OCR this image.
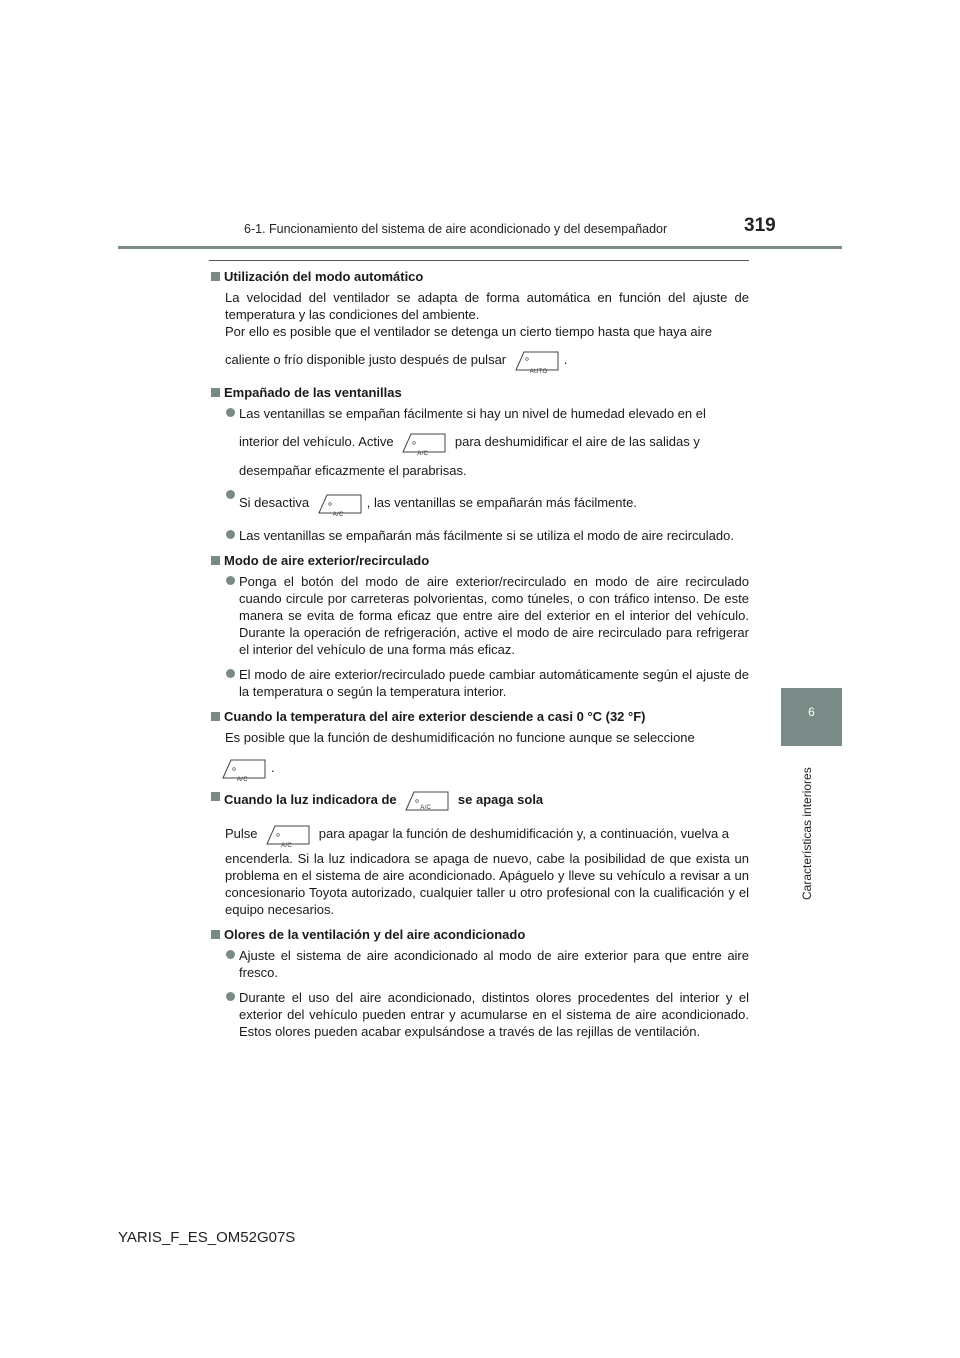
6-1. Funcionamiento del sistema de aire acondicionado y del desempañador	319
6
Características interiores
Utilización del modo automático

La velocidad del ventilador se adapta de forma automática en función del ajuste de temperatura y las condiciones del ambiente.
Por ello es posible que el ventilador se detenga un cierto tiempo hasta que haya aire

caliente o frío disponible justo después de pulsar
AUTO
.

Empañado de las ventanillas
Las ventanillas se empañan fácilmente si hay un nivel de humedad elevado en el

interior del vehículo. Active
A/C
para deshumidificar el aire de las salidas y
desempañar eficazmente el parabrisas.
Si desactiva
A/C
, las ventanillas se empañarán más fácilmente.
Las ventanillas se empañarán más fácilmente si se utiliza el modo de aire recirculado.
Modo de aire exterior/recirculado
Ponga el botón del modo de aire exterior/recirculado en modo de aire recirculado cuando circule por carreteras polvorientas, como túneles, o con tráfico intenso. De este manera se evita de forma eficaz que entre aire del exterior en el interior del vehículo. Durante la operación de refrigeración, active el modo de aire recirculado para refrigerar el interior del vehículo de una forma más eficaz.
El modo de aire exterior/recirculado puede cambiar automáticamente según el ajuste de la temperatura o según la temperatura interior.
Cuando la temperatura del aire exterior desciende a casi 0 °C (32 °F)

Es posible que la función de deshumidificación no funcione aunque se seleccione

A/C
.

Cuando la luz indicadora de
A/C
se apaga sola

Pulse
A/C
para apagar la función de deshumidificación y, a continuación, vuelva a

encenderla. Si la luz indicadora se apaga de nuevo, cabe la posibilidad de que exista un problema en el sistema de aire acondicionado. Apáguelo y lleve su vehículo a revisar a un concesionario Toyota autorizado, cualquier taller u otro profesional con la cualificación y el equipo necesarios.

Olores de la ventilación y del aire acondicionado
Ajuste el sistema de aire acondicionado al modo de aire exterior para que entre aire fresco.
Durante el uso del aire acondicionado, distintos olores procedentes del interior y el exterior del vehículo pueden entrar y acumularse en el sistema de aire acondicionado. Estos olores pueden acabar expulsándose a través de las rejillas de ventilación.
YARIS_F_ES_OM52G07S
